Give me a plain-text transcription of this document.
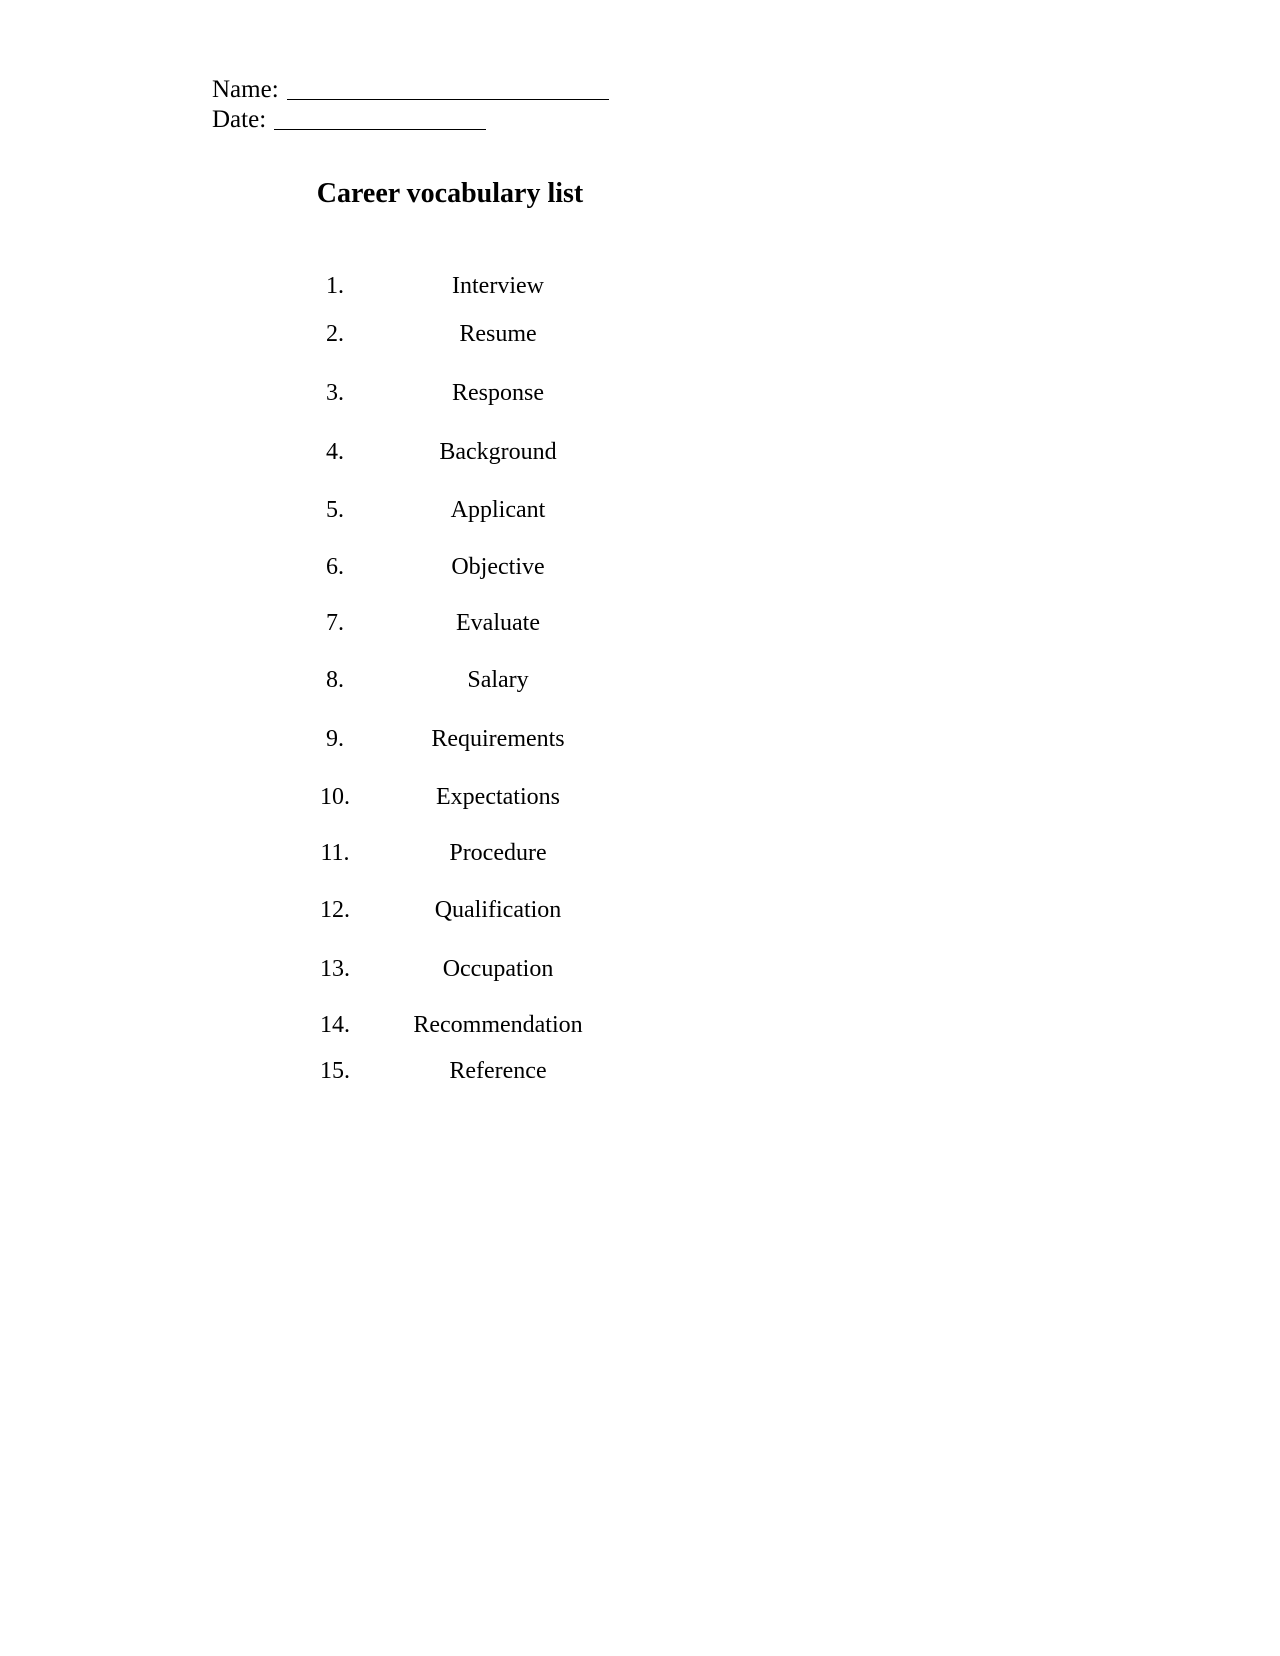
Name:
Date:
Career vocabulary list
1.	Interview
2.	Resume
3.	Response
4.	Background
5.	Applicant
6.	Objective
7.	Evaluate
8.	Salary
9.	Requirements
10.	Expectations
11.	Procedure
12.	Qualification
13.	Occupation
14.	Recommendation
15.	Reference
